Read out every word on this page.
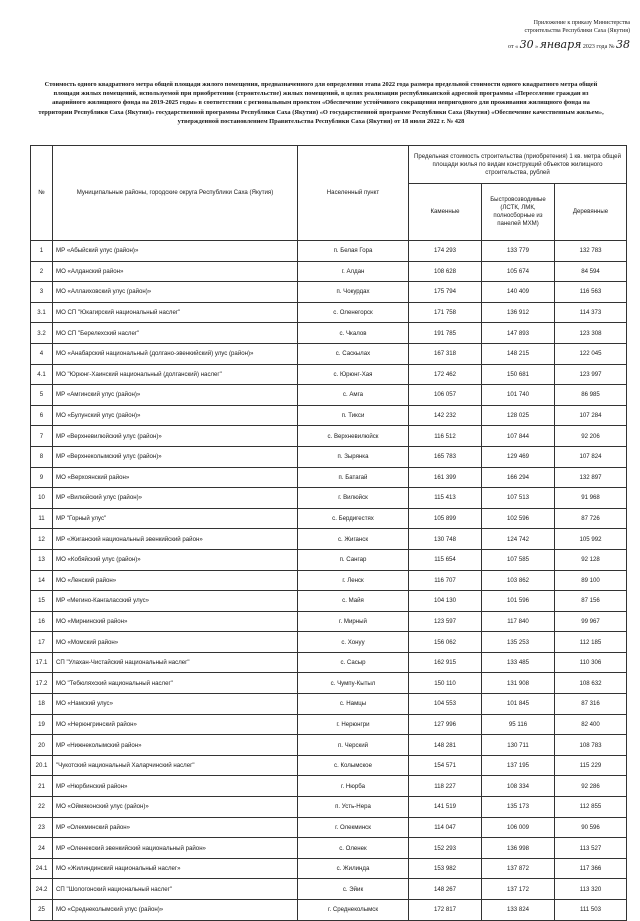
Приложение к приказу Министерства
строительства Республики Саха (Якутия)
от « 30 » января 2023 года № 38
Стоимость одного квадратного метра общей площади жилого помещения, предназначенного для определения этапа 2022 года размера предельной стоимости одного квадратного метра общей площади жилых помещений, используемой при приобретении (строительстве) жилых помещений, в целях реализации республиканской адресной программы «Переселение граждан из аварийного жилищного фонда на 2019-2025 годы» в соответствии с региональным проектом «Обеспечение устойчивого сокращения непригодного для проживания жилищного фонда на территории Республики Саха (Якутия)» государственной программы Республики Саха (Якутия) «О государственной программе Республики Саха (Якутия) «Обеспечение качественным жильем», утвержденной постановлением Правительства Республики Саха (Якутия) от 18 июля 2022 г. № 428
№	Муниципальные районы, городские округа Республики Саха (Якутия)	Населенный пункт	Предельная стоимость строительства (приобретения) 1 кв. метра общей площади жилья по видам конструкций объектов жилищного строительства, рублей		
			Каменные	Быстровозводимые (ЛСТК, ЛМК, полносборные из панелей МХМ)	Деревянные
1	МР «Абыйский улус (район)»	п. Белая Гора	174 293	133 779	132 783
2	МО «Алданский район»	г. Алдан	108 628	105 674	84 594
3	МО «Аллаиховский улус (район)»	п. Чокурдах	175 794	140 409	116 563
3.1	МО СП "Юкагирский национальный наслег"	с. Оленегорск	171 758	136 912	114 373
3.2	МО СП "Берелехский наслег"	с. Чкалов	191 785	147 893	123 308
4	МО «Анабарский национальный (долгано-эвенкийский) улус (район)»	с. Саскылах	167 318	148 215	122 045
4.1	МО "Юрюнг-Хаинский национальный (долганский) наслег"	с. Юрюнг-Хая	172 462	150 681	123 997
5	МР «Амгинский улус (район)»	с. Амга	106 057	101 740	86 985
6	МО «Булунский улус (район)»	п. Тикси	142 232	128 025	107 284
7	МР «Верхневилюйский улус (район)»	с. Верхневилюйск	116 512	107 844	92 206
8	МР «Верхнеколымский улус (район)»	п. Зырянка	165 783	129 469	107 824
9	МО «Верхоянский район»	п. Батагай	161 399	166 294	132 897
10	МР «Вилюйский улус (район)»	г. Вилюйск	115 413	107 513	91 968
11	МР "Горный улус"	с. Бердигестях	105 899	102 596	87 726
12	МР «Жиганский национальный эвенкийский район»	с. Жиганск	130 748	124 742	105 992
13	МО «Кобяйский улус (район)»	п. Сангар	115 654	107 585	92 128
14	МО «Ленский район»	г. Ленск	116 707	103 862	89 100
15	МР «Мегино-Кангаласский улус»	с. Майя	104 130	101 596	87 156
16	МО «Мирнинский район»	г. Мирный	123 597	117 840	99 967
17	МО «Момский район»	с. Хонуу	156 062	135 253	112 185
17.1	СП "Улахан-Чистайский национальный наслег"	с. Сасыр	162 915	133 485	110 306
17.2	МО "Тебюляхский национальный наслег"	с. Чумпу-Кытыл	150 110	131 908	108 632
18	МО «Намский улус»	с. Намцы	104 553	101 845	87 316
19	МО «Нерюнгринский район»	г. Нерюнгри	127 996	95 116	82 400
20	МР «Нижнеколымский район»	п. Черский	148 281	130 711	108 783
20.1	"Чукотский национальный Халарчинский наслег"	с. Колымское	154 571	137 195	115 229
21	МР «Нюрбинский район»	г. Нюрба	118 227	108 334	92 286
22	МО «Оймяконский улус (район)»	п. Усть-Нера	141 519	135 173	112 855
23	МР «Олекминский район»	г. Олекминск	114 047	106 009	90 596
24	МР «Оленекский эвенкийский национальный район»	с. Оленек	152 293	136 998	113 527
24.1	МО «Жилиндинский национальный наслег»	с. Жилинда	153 982	137 872	117 366
24.2	СП "Шологонский национальный наслег"	с. Эйик	148 267	137 172	113 320
25	МО «Среднеколымский улус (район)»	г. Среднеколымск	172 817	133 824	111 503
